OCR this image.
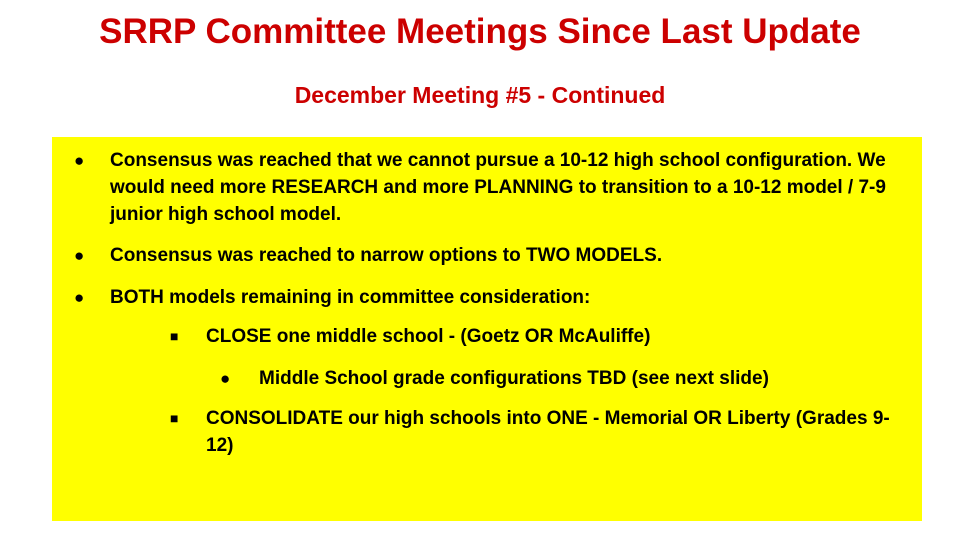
SRRP Committee Meetings Since Last Update
December Meeting #5 - Continued
● Consensus was reached that we cannot pursue a 10-12 high school configuration. We would need more RESEARCH and more PLANNING to transition to a 10-12 model / 7-9 junior high school model.
● Consensus was reached to narrow options to TWO MODELS.
● BOTH models remaining in committee consideration:
■ CLOSE one middle school - (Goetz OR McAuliffe)
● Middle School grade configurations TBD (see next slide)
■ CONSOLIDATE our high schools into ONE - Memorial OR Liberty (Grades 9-12)
